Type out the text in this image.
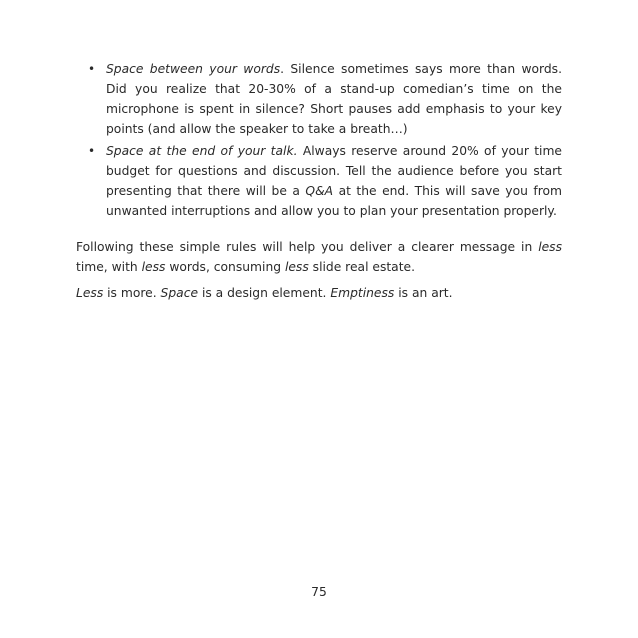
• Space between your words. Silence sometimes says more than words. Did you realize that 20-30% of a stand-up comedian’s time on the microphone is spent in silence? Short pauses add emphasis to your key points (and allow the speaker to take a breath…)
• Space at the end of your talk. Always reserve around 20% of your time budget for questions and discussion. Tell the audience before you start presenting that there will be a Q&A at the end. This will save you from unwanted interruptions and allow you to plan your presentation properly.

Following these simple rules will help you deliver a clearer message in less time, with less words, consuming less slide real estate.

Less is more. Space is a design element. Emptiness is an art.

75
